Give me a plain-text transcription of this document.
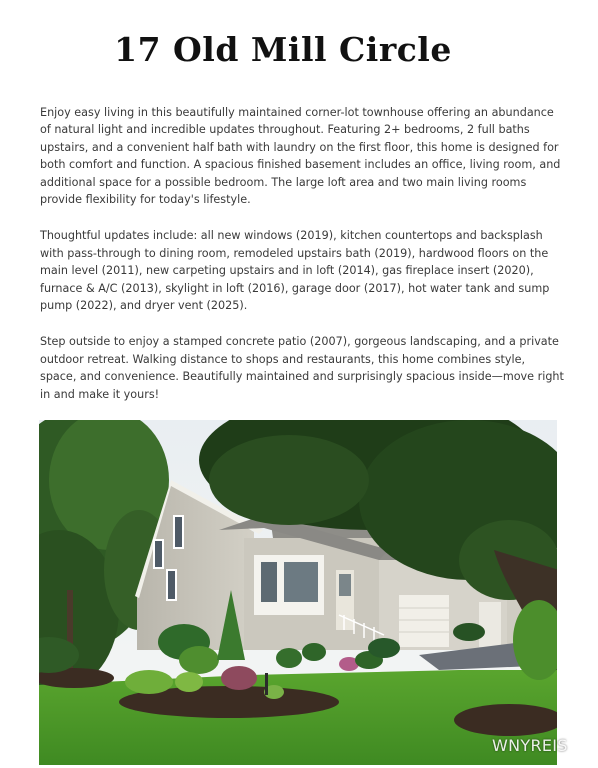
17 Old Mill Circle

Enjoy easy living in this beautifully maintained corner-lot townhouse offering an abundance of natural light and incredible updates throughout. Featuring 2+ bedrooms, 2 full baths upstairs, and a convenient half bath with laundry on the first floor, this home is designed for both comfort and function. A spacious finished basement includes an office, living room, and additional space for a possible bedroom. The large loft area and two main living rooms provide flexibility for today's lifestyle.

Thoughtful updates include: all new windows (2019), kitchen countertops and backsplash with pass-through to dining room, remodeled upstairs bath (2019), hardwood floors on the main level (2011), new carpeting upstairs and in loft (2014), gas fireplace insert (2020), furnace & A/C (2013), skylight in loft (2016), garage door (2017), hot water tank and sump pump (2022), and dryer vent (2025).

Step outside to enjoy a stamped concrete patio (2007), gorgeous landscaping, and a private outdoor retreat. Walking distance to shops and restaurants, this home combines style, space, and convenience. Beautifully maintained and surprisingly spacious inside—move right in and make it yours!

WNYREIS
